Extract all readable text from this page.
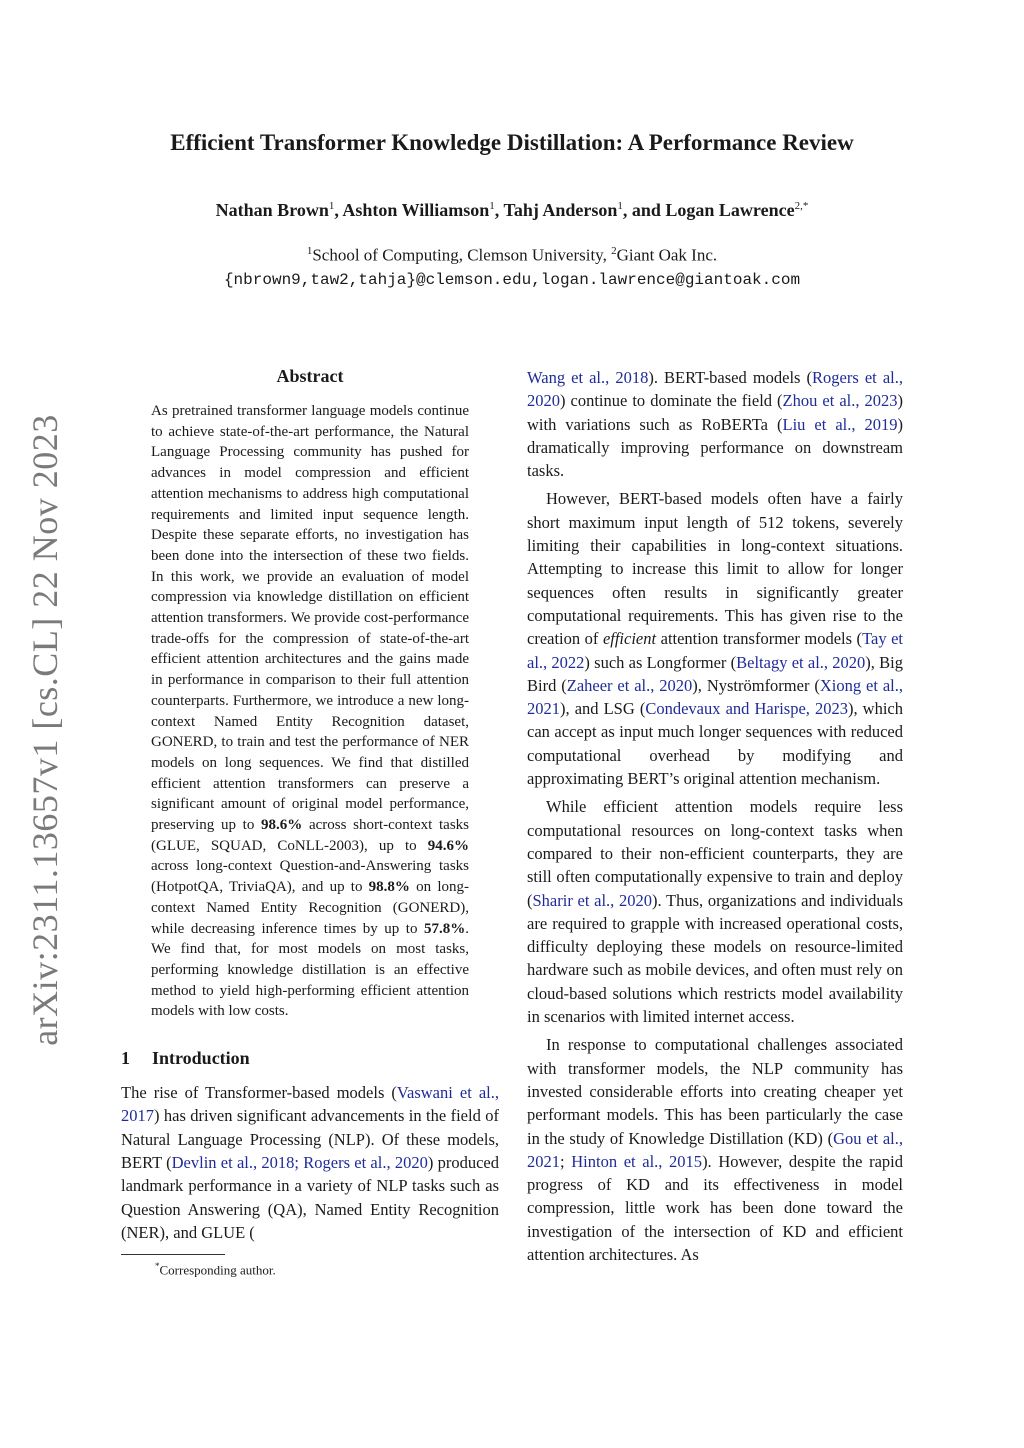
arXiv:2311.13657v1 [cs.CL] 22 Nov 2023
Efficient Transformer Knowledge Distillation: A Performance Review
Nathan Brown$^1$, Ashton Williamson$^1$, Tahj Anderson$^1$, and Logan Lawrence$^{2,*}$
$^1$School of Computing, Clemson University, $^2$Giant Oak Inc.
{nbrown9,taw2,tahja}@clemson.edu,logan.lawrence@giantoak.com
Abstract
As pretrained transformer language models continue to achieve state-of-the-art performance, the Natural Language Processing community has pushed for advances in model compression and efficient attention mechanisms to address high computational requirements and limited input sequence length. Despite these separate efforts, no investigation has been done into the intersection of these two fields. In this work, we provide an evaluation of model compression via knowledge distillation on efficient attention transformers. We provide cost-performance trade-offs for the compression of state-of-the-art efficient attention architectures and the gains made in performance in comparison to their full attention counterparts. Furthermore, we introduce a new long-context Named Entity Recognition dataset, GONERD, to train and test the performance of NER models on long sequences. We find that distilled efficient attention transformers can preserve a significant amount of original model performance, preserving up to 98.6% across short-context tasks (GLUE, SQUAD, CoNLL-2003), up to 94.6% across long-context Question-and-Answering tasks (HotpotQA, TriviaQA), and up to 98.8% on long-context Named Entity Recognition (GONERD), while decreasing inference times by up to 57.8%. We find that, for most models on most tasks, performing knowledge distillation is an effective method to yield high-performing efficient attention models with low costs.
1 Introduction

The rise of Transformer-based models (Vaswani et al., 2017) has driven significant advancements in the field of Natural Language Processing (NLP). Of these models, BERT (Devlin et al., 2018; Rogers et al., 2020) produced landmark performance in a variety of NLP tasks such as Question Answering (QA), Named Entity Recognition (NER), and GLUE (

*Corresponding author.

Wang et al., 2018). BERT-based models (Rogers et al., 2020) continue to dominate the field (Zhou et al., 2023) with variations such as RoBERTa (Liu et al., 2019) dramatically improving performance on downstream tasks.

However, BERT-based models often have a fairly short maximum input length of 512 tokens, severely limiting their capabilities in long-context situations. Attempting to increase this limit to allow for longer sequences often results in significantly greater computational requirements. This has given rise to the creation of efficient attention transformer models (Tay et al., 2022) such as Longformer (Beltagy et al., 2020), Big Bird (Zaheer et al., 2020), Nyströmformer (Xiong et al., 2021), and LSG (Condevaux and Harispe, 2023), which can accept as input much longer sequences with reduced computational overhead by modifying and approximating BERT’s original attention mechanism.

While efficient attention models require less computational resources on long-context tasks when compared to their non-efficient counterparts, they are still often computationally expensive to train and deploy (Sharir et al., 2020). Thus, organizations and individuals are required to grapple with increased operational costs, difficulty deploying these models on resource-limited hardware such as mobile devices, and often must rely on cloud-based solutions which restricts model availability in scenarios with limited internet access.

In response to computational challenges associated with transformer models, the NLP community has invested considerable efforts into creating cheaper yet performant models. This has been particularly the case in the study of Knowledge Distillation (KD) (Gou et al., 2021; Hinton et al., 2015). However, despite the rapid progress of KD and its effectiveness in model compression, little work has been done toward the investigation of the intersection of KD and efficient attention architectures. As
